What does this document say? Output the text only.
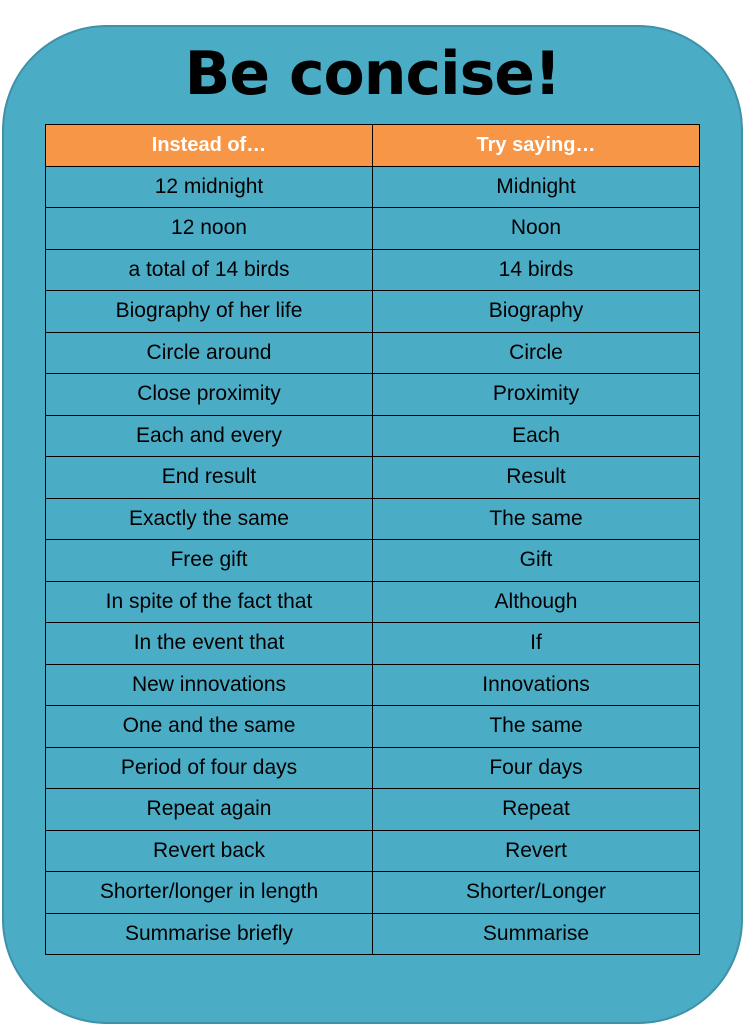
Be concise!
Instead of…	Try saying…
12 midnight	Midnight
12 noon	Noon
a total of 14 birds	14 birds
Biography of her life	Biography
Circle around	Circle
Close proximity	Proximity
Each and every	Each
End result	Result
Exactly the same	The same
Free gift	Gift
In spite of the fact that	Although
In the event that	If
New innovations	Innovations
One and the same	The same
Period of four days	Four days
Repeat again	Repeat
Revert back	Revert
Shorter/longer in length	Shorter/Longer
Summarise briefly	Summarise
